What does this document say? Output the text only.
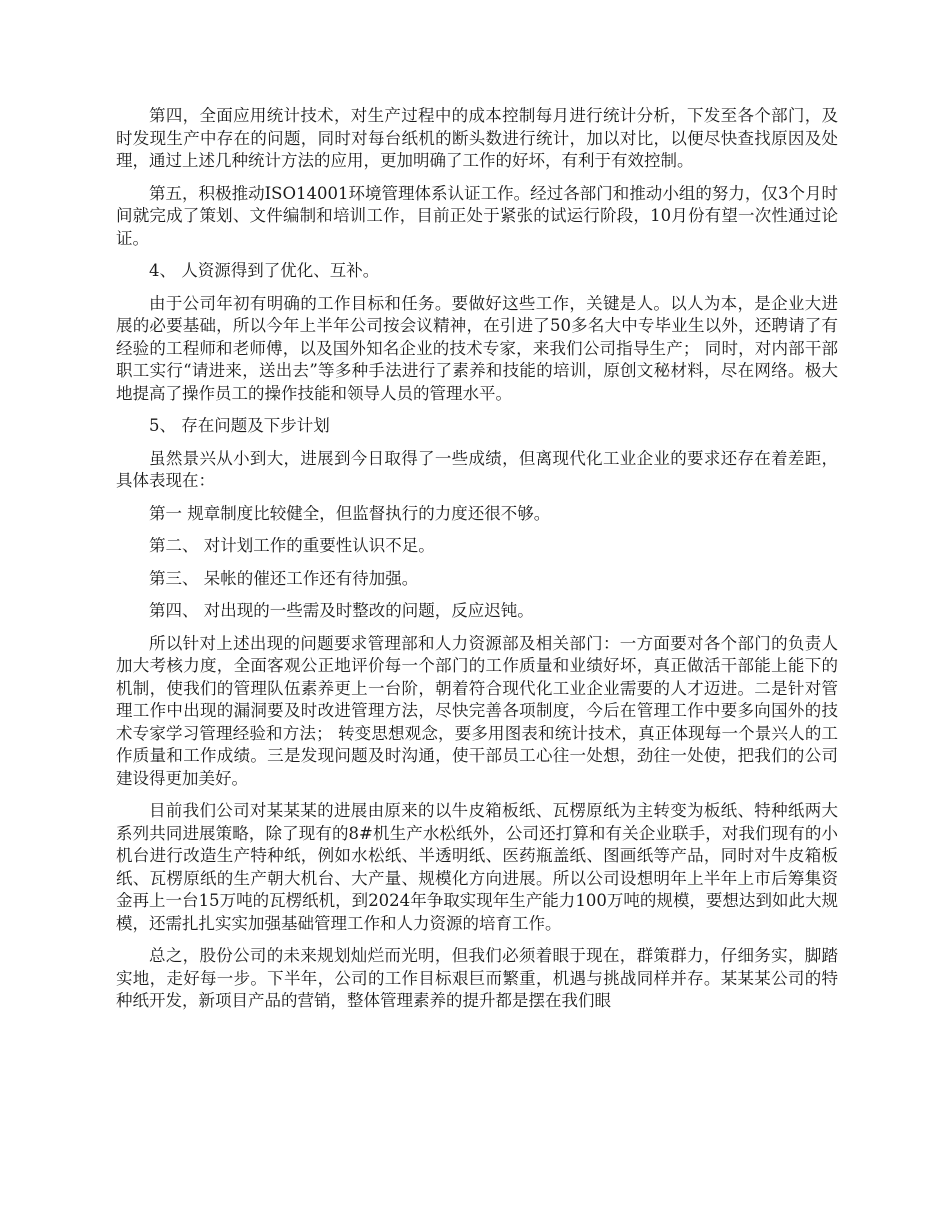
第四，全面应用统计技术，对生产过程中的成本控制每月进行统计分析，下发至各个部门，及时发现生产中存在的问题，同时对每台纸机的断头数进行统计，加以对比，以便尽快查找原因及处理，通过上述几种统计方法的应用，更加明确了工作的好坏，有利于有效控制。

第五，积极推动ISO14001环境管理体系认证工作。经过各部门和推动小组的努力，仅3个月时间就完成了策划、文件编制和培训工作，目前正处于紧张的试运行阶段，10月份有望一次性通过论证。

4、 人资源得到了优化、互补。

由于公司年初有明确的工作目标和任务。要做好这些工作，关键是人。以人为本，是企业大进展的必要基础，所以今年上半年公司按会议精神，在引进了50多名大中专毕业生以外，还聘请了有经验的工程师和老师傅，以及国外知名企业的技术专家，来我们公司指导生产； 同时，对内部干部职工实行“请进来，送出去”等多种手法进行了素养和技能的培训，原创文秘材料，尽在网络。极大地提高了操作员工的操作技能和领导人员的管理水平。

5、 存在问题及下步计划

虽然景兴从小到大，进展到今日取得了一些成绩，但离现代化工业企业的要求还存在着差距，具体表现在：

第一 规章制度比较健全，但监督执行的力度还很不够。

第二、 对计划工作的重要性认识不足。

第三、 呆帐的催还工作还有待加强。

第四、 对出现的一些需及时整改的问题，反应迟钝。

所以针对上述出现的问题要求管理部和人力资源部及相关部门：一方面要对各个部门的负责人加大考核力度，全面客观公正地评价每一个部门的工作质量和业绩好坏，真正做活干部能上能下的机制，使我们的管理队伍素养更上一台阶，朝着符合现代化工业企业需要的人才迈进。二是针对管理工作中出现的漏洞要及时改进管理方法，尽快完善各项制度，今后在管理工作中要多向国外的技术专家学习管理经验和方法； 转变思想观念，要多用图表和统计技术，真正体现每一个景兴人的工作质量和工作成绩。三是发现问题及时沟通，使干部员工心往一处想，劲往一处使，把我们的公司建设得更加美好。

目前我们公司对某某某的进展由原来的以牛皮箱板纸、瓦楞原纸为主转变为板纸、特种纸两大系列共同进展策略，除了现有的8#机生产水松纸外，公司还打算和有关企业联手，对我们现有的小机台进行改造生产特种纸，例如水松纸、半透明纸、医药瓶盖纸、图画纸等产品，同时对牛皮箱板纸、瓦楞原纸的生产朝大机台、大产量、规模化方向进展。所以公司设想明年上半年上市后筹集资金再上一台15万吨的瓦楞纸机，到2024年争取实现年生产能力100万吨的规模，要想达到如此大规模，还需扎扎实实加强基础管理工作和人力资源的培育工作。

总之，股份公司的未来规划灿烂而光明，但我们必须着眼于现在，群策群力，仔细务实，脚踏实地，走好每一步。下半年，公司的工作目标艰巨而繁重，机遇与挑战同样并存。某某某公司的特种纸开发，新项目产品的营销，整体管理素养的提升都是摆在我们眼
